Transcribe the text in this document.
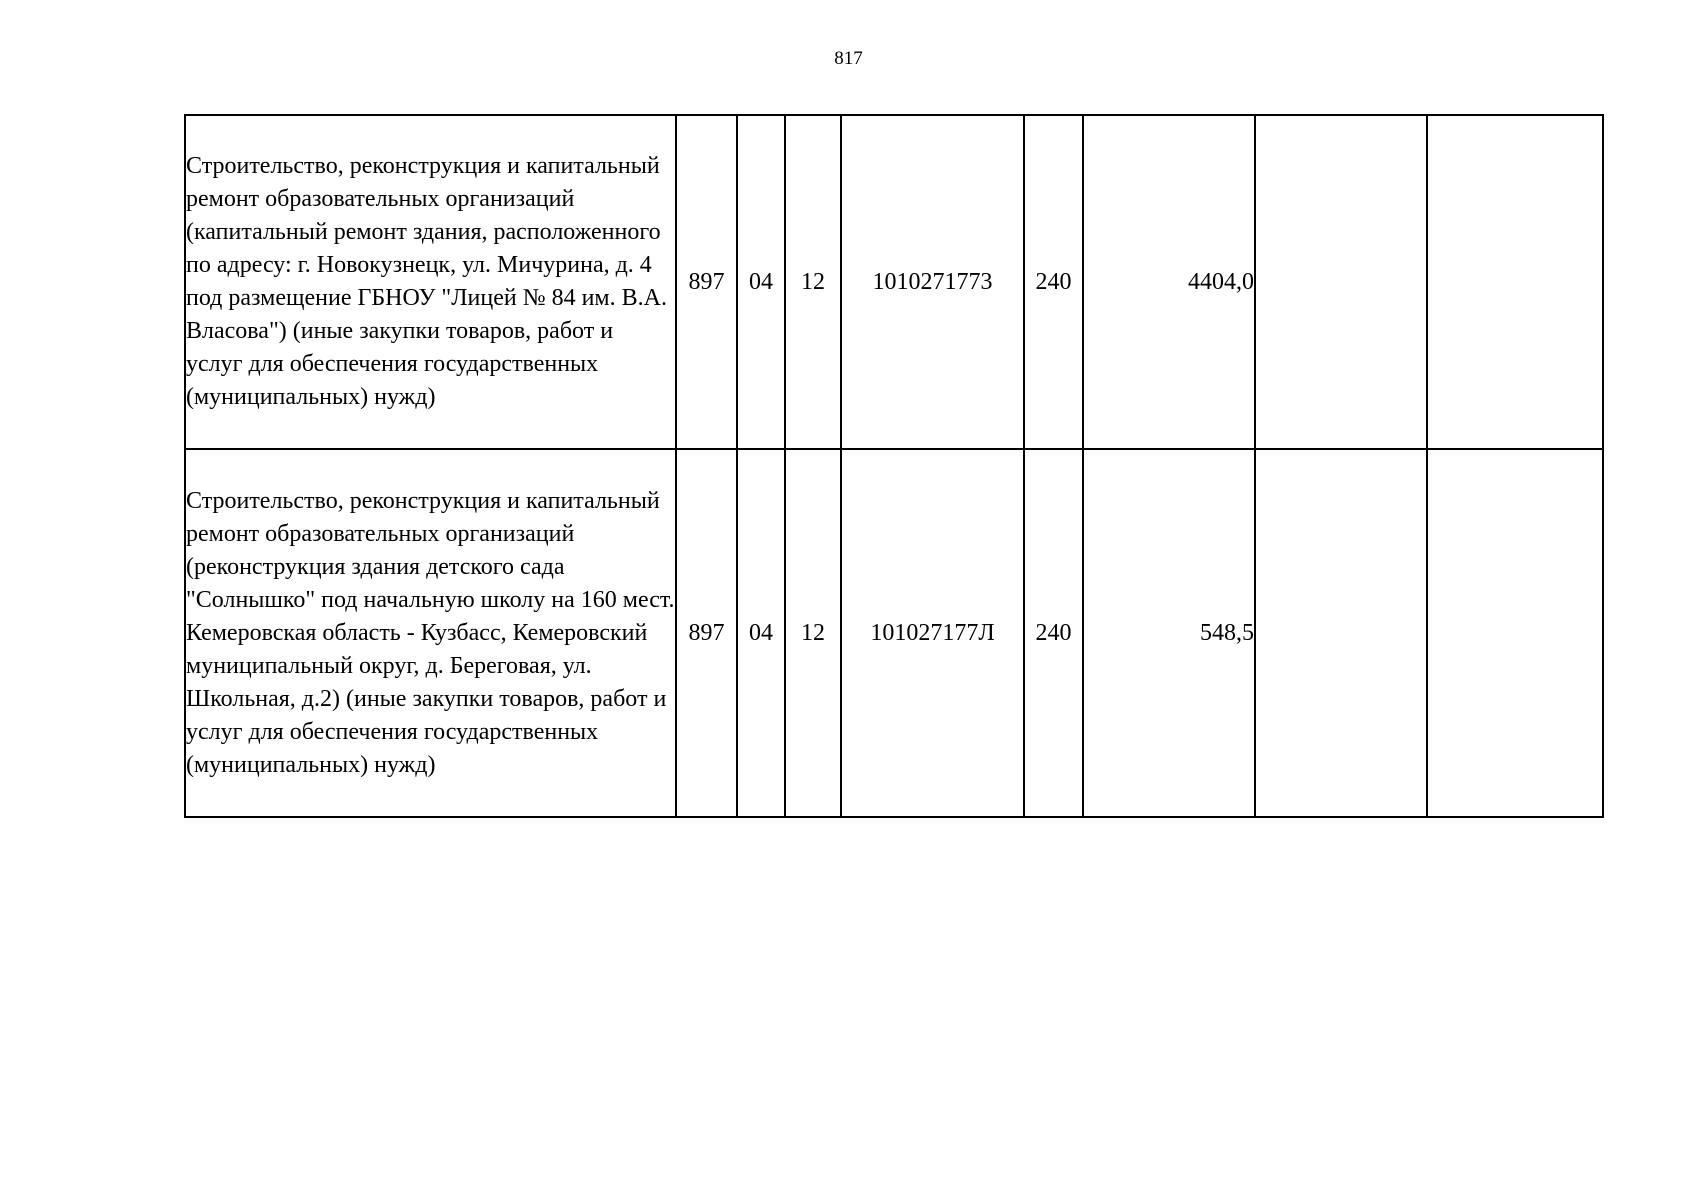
817
Строительство, реконструкция и капитальный ремонт образовательных организаций (капитальный ремонт здания, расположенного по адресу: г. Новокузнецк, ул. Мичурина, д. 4 под размещение ГБНОУ "Лицей № 84 им. В.А. Власова") (иные закупки товаров, работ и услуг для обеспечения государственных (муниципальных) нужд)	897	04	12	1010271773	240	4404,0		
Строительство, реконструкция и капитальный ремонт образовательных организаций (реконструкция здания детского сада "Солнышко" под начальную школу на 160 мест. Кемеровская область - Кузбасс, Кемеровский муниципальный округ, д. Береговая, ул. Школьная, д.2) (иные закупки товаров, работ и услуг для обеспечения государственных (муниципальных) нужд)	897	04	12	101027177Л	240	548,5		
